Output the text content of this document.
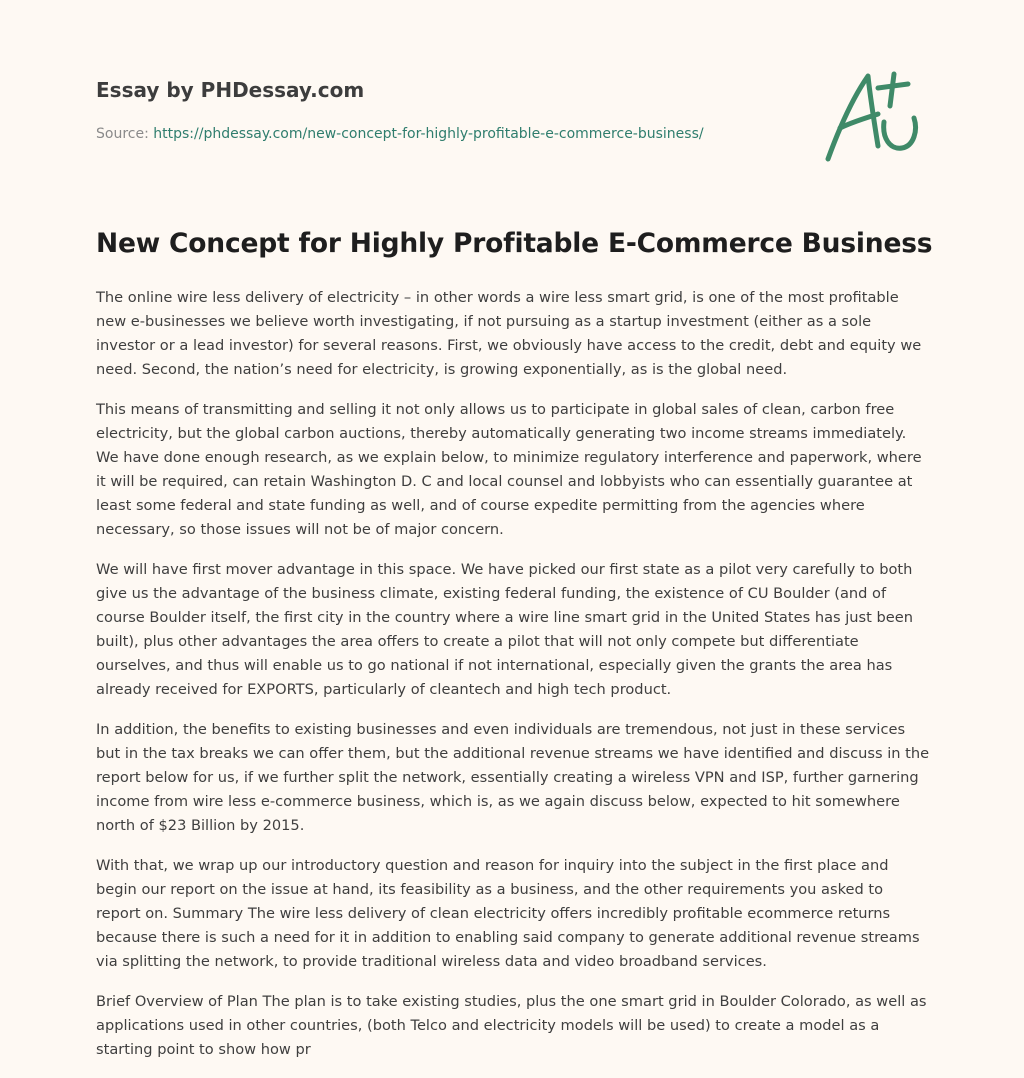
Essay by PHDessay.com
Source: https://phdessay.com/new-concept-for-highly-profitable-e-commerce-business/
New Concept for Highly Profitable E-Commerce Business

The online wire less delivery of electricity – in other words a wire less smart grid, is one of the most profitable new e-businesses we believe worth investigating, if not pursuing as a startup investment (either as a sole investor or a lead investor) for several reasons. First, we obviously have access to the credit, debt and equity we need. Second, the nation’s need for electricity, is growing exponentially, as is the global need.

This means of transmitting and selling it not only allows us to participate in global sales of clean, carbon free electricity, but the global carbon auctions, thereby automatically generating two income streams immediately. We have done enough research, as we explain below, to minimize regulatory interference and paperwork, where it will be required, can retain Washington D. C and local counsel and lobbyists who can essentially guarantee at least some federal and state funding as well, and of course expedite permitting from the agencies where necessary, so those issues will not be of major concern.

We will have first mover advantage in this space. We have picked our first state as a pilot very carefully to both give us the advantage of the business climate, existing federal funding, the existence of CU Boulder (and of course Boulder itself, the first city in the country where a wire line smart grid in the United States has just been built), plus other advantages the area offers to create a pilot that will not only compete but differentiate ourselves, and thus will enable us to go national if not international, especially given the grants the area has already received for EXPORTS, particularly of cleantech and high tech product.

In addition, the benefits to existing businesses and even individuals are tremendous, not just in these services but in the tax breaks we can offer them, but the additional revenue streams we have identified and discuss in the report below for us, if we further split the network, essentially creating a wireless VPN and ISP, further garnering income from wire less e-commerce business, which is, as we again discuss below, expected to hit somewhere north of $23 Billion by 2015.

With that, we wrap up our introductory question and reason for inquiry into the subject in the first place and begin our report on the issue at hand, its feasibility as a business, and the other requirements you asked to report on. Summary The wire less delivery of clean electricity offers incredibly profitable ecommerce returns because there is such a need for it in addition to enabling said company to generate additional revenue streams via splitting the network, to provide traditional wireless data and video broadband services.

Brief Overview of Plan The plan is to take existing studies, plus the one smart grid in Boulder Colorado, as well as applications used in other countries, (both Telco and electricity models will be used) to create a model as a starting point to show how pr
